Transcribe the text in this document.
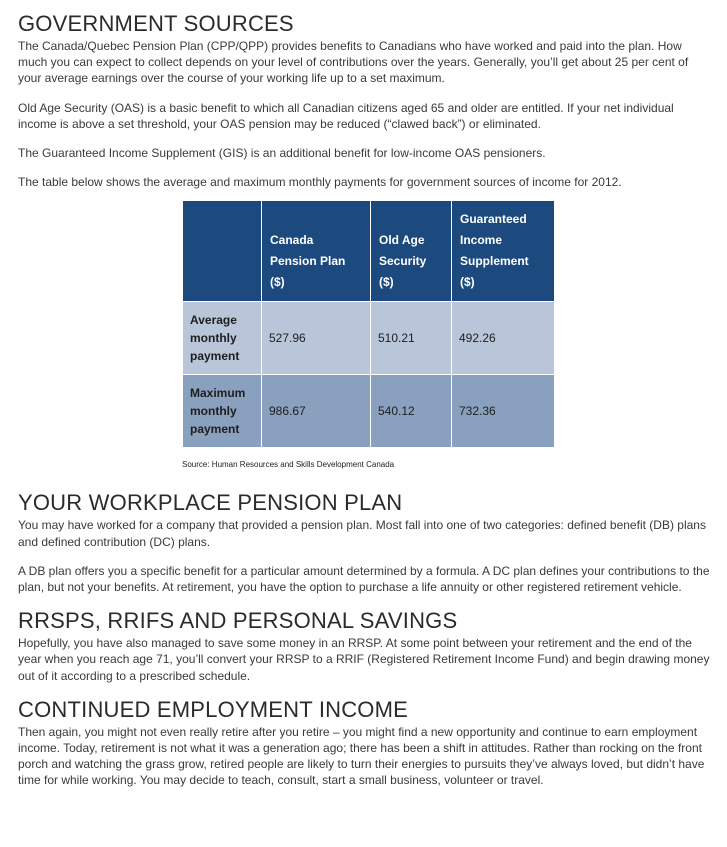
GOVERNMENT SOURCES

The Canada/Quebec Pension Plan (CPP/QPP) provides benefits to Canadians who have worked and paid into the plan. How much you can expect to collect depends on your level of contributions over the years. Generally, you’ll get about 25 per cent of your average earnings over the course of your working life up to a set maximum.

Old Age Security (OAS) is a basic benefit to which all Canadian citizens aged 65 and older are entitled. If your net individual income is above a set threshold, your OAS pension may be reduced (“clawed back”) or eliminated.

The Guaranteed Income Supplement (GIS) is an additional benefit for low-income OAS pensioners.

The table below shows the average and maximum monthly payments for government sources of income for 2012.

	Canada Pension Plan ($)	Old Age Security ($)	Guaranteed Income Supplement ($)
Average monthly payment	527.96	510.21	492.26
Maximum monthly payment	986.67	540.12	732.36
Source: Human Resources and Skills Development Canada
YOUR WORKPLACE PENSION PLAN

You may have worked for a company that provided a pension plan. Most fall into one of two categories: defined benefit (DB) plans and defined contribution (DC) plans.

A DB plan offers you a specific benefit for a particular amount determined by a formula. A DC plan defines your contributions to the plan, but not your benefits. At retirement, you have the option to purchase a life annuity or other registered retirement vehicle.

RRSPS, RRIFS AND PERSONAL SAVINGS

Hopefully, you have also managed to save some money in an RRSP. At some point between your retirement and the end of the year when you reach age 71, you’ll convert your RRSP to a RRIF (Registered Retirement Income Fund) and begin drawing money out of it according to a prescribed schedule.

CONTINUED EMPLOYMENT INCOME

Then again, you might not even really retire after you retire – you might find a new opportunity and continue to earn employment income. Today, retirement is not what it was a generation ago; there has been a shift in attitudes. Rather than rocking on the front porch and watching the grass grow, retired people are likely to turn their energies to pursuits they’ve always loved, but didn’t have time for while working. You may decide to teach, consult, start a small business, volunteer or travel.
